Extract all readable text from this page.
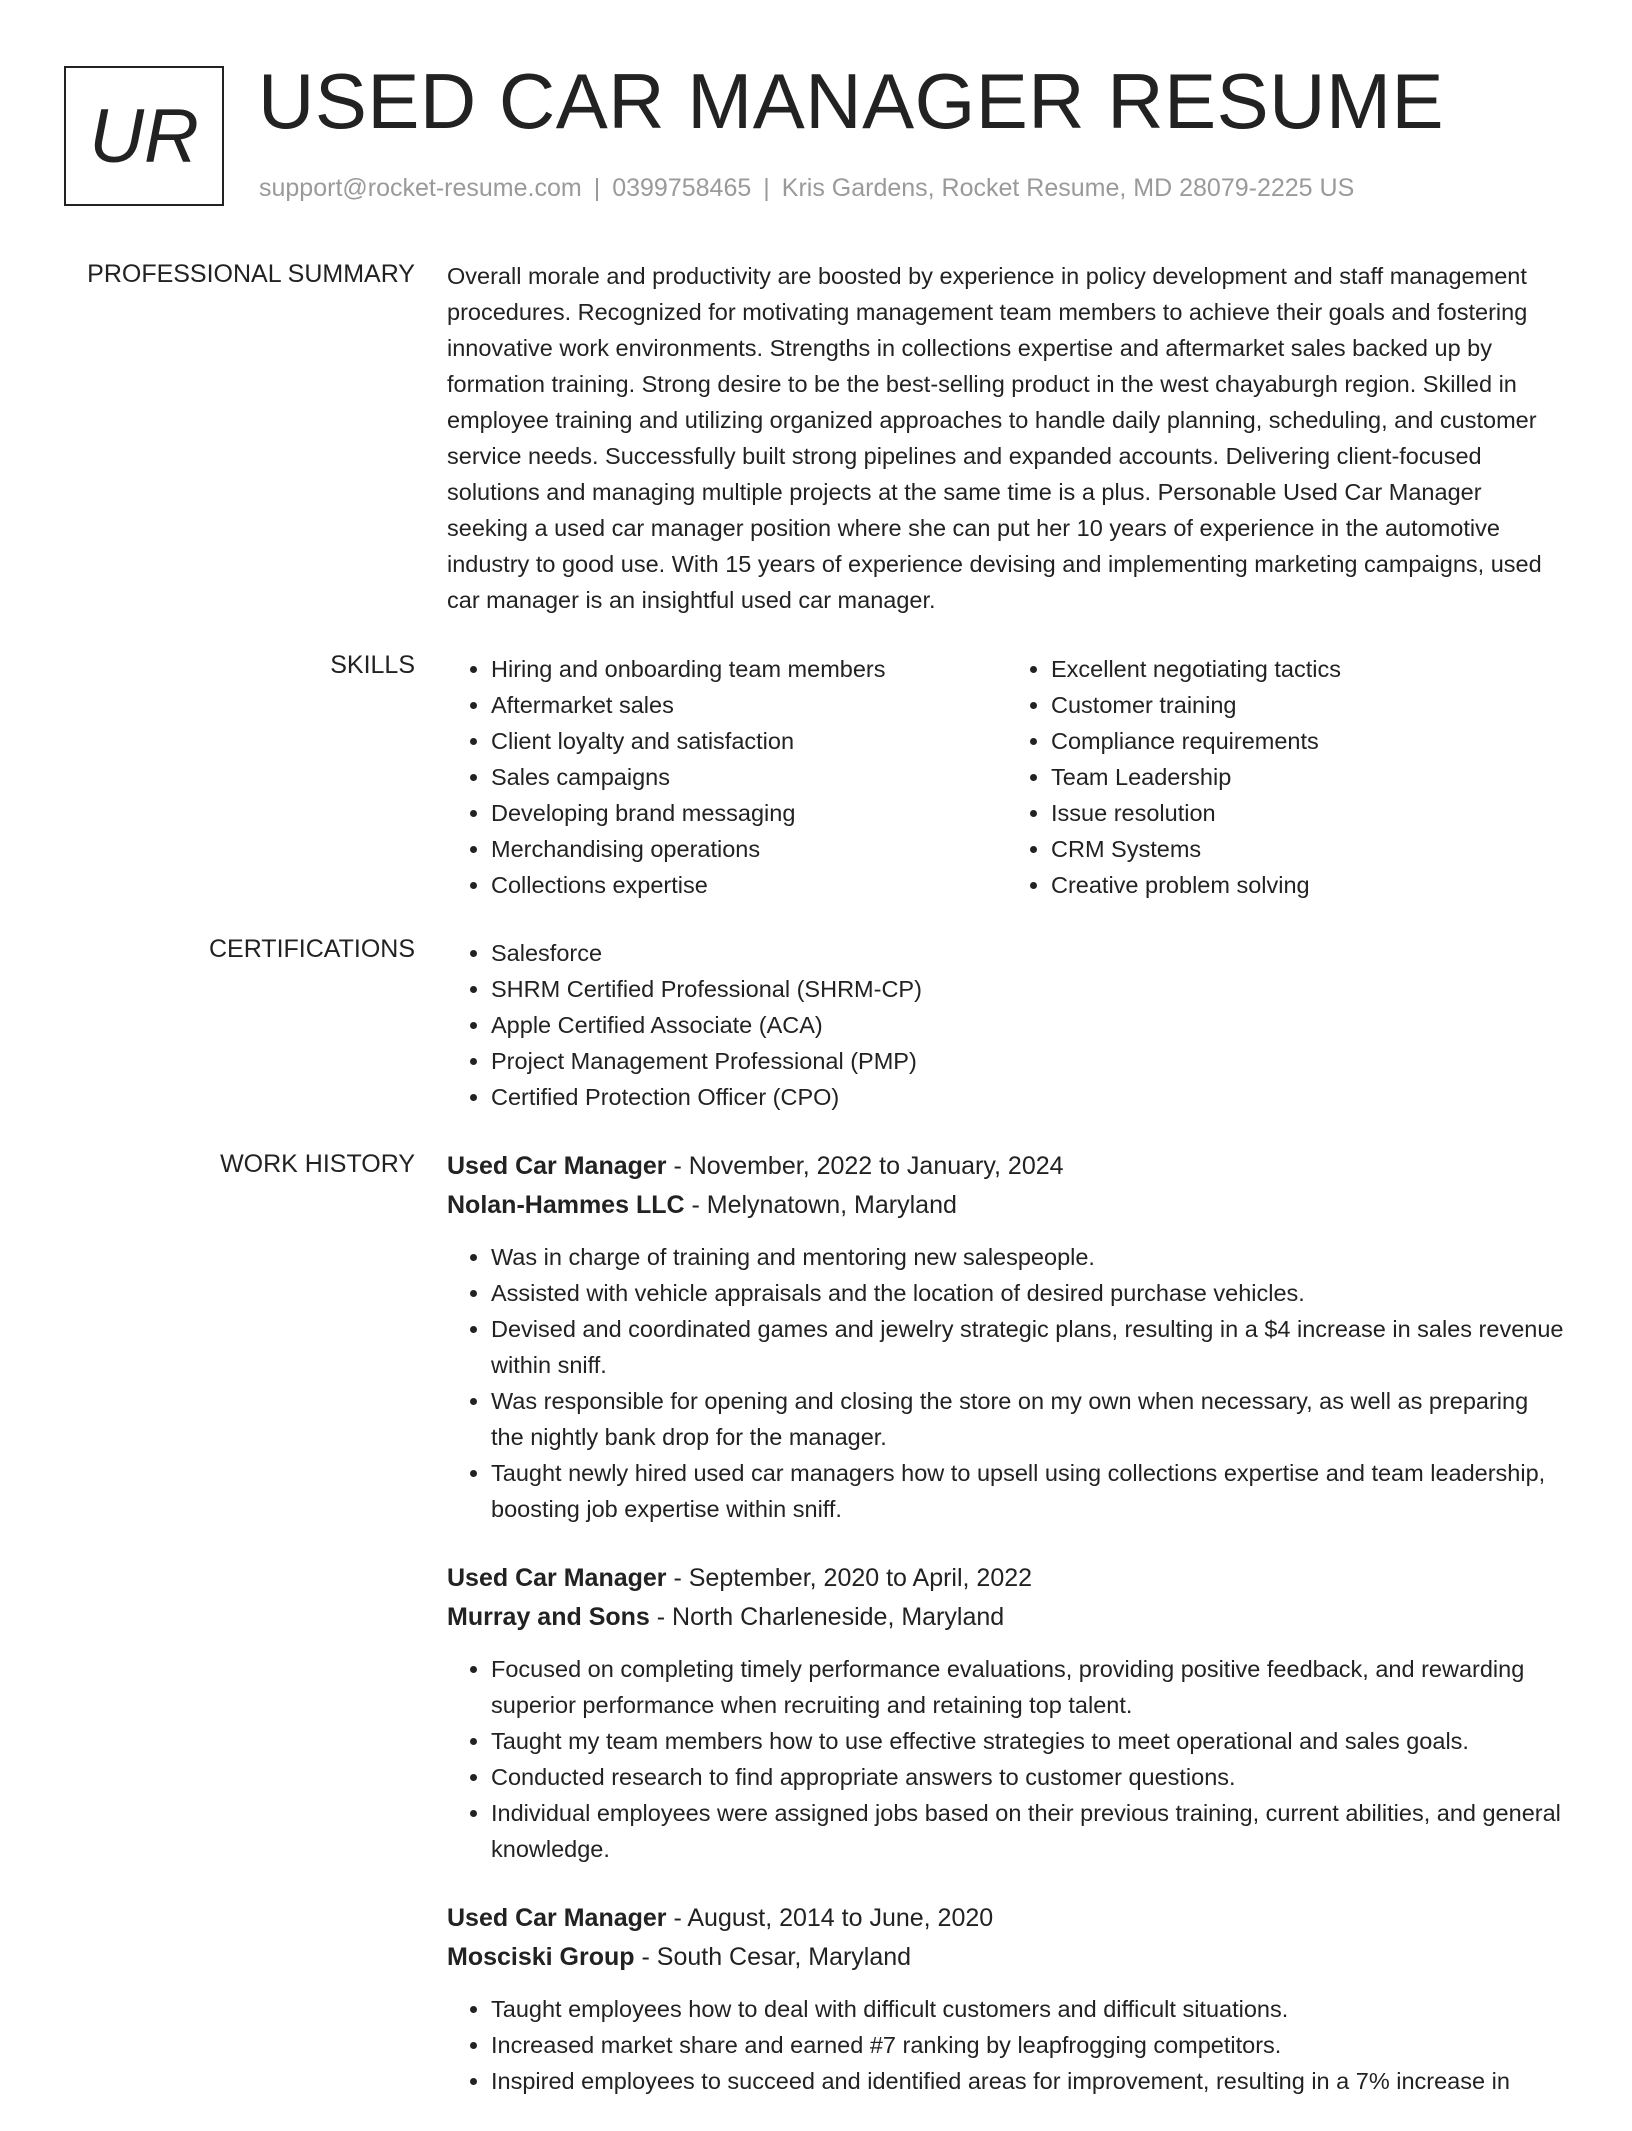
UR USED CAR MANAGER RESUME
support@rocket-resume.com | 0399758465 | Kris Gardens, Rocket Resume, MD 28079-2225 US
PROFESSIONAL SUMMARY Overall morale and productivity are boosted by experience in policy development and staff management procedures. Recognized for motivating management team members to achieve their goals and fostering innovative work environments. Strengths in collections expertise and aftermarket sales backed up by formation training. Strong desire to be the best-selling product in the west chayaburgh region. Skilled in employee training and utilizing organized approaches to handle daily planning, scheduling, and customer service needs. Successfully built strong pipelines and expanded accounts. Delivering client-focused solutions and managing multiple projects at the same time is a plus. Personable Used Car Manager seeking a used car manager position where she can put her 10 years of experience in the automotive industry to good use. With 15 years of experience devising and implementing marketing campaigns, used car manager is an insightful used car manager.

SKILLS	• Hiring and onboarding team members
• Aftermarket sales
• Client loyalty and satisfaction
• Sales campaigns
• Developing brand messaging
• Merchandising operations
• Collections expertise
• Excellent negotiating tactics
• Customer training
• Compliance requirements
• Team Leadership
• Issue resolution
• CRM Systems
• Creative problem solving
CERTIFICATIONS	• Salesforce
• SHRM Certified Professional (SHRM-CP)
• Apple Certified Associate (ACA)
• Project Management Professional (PMP)
• Certified Protection Officer (CPO)
WORK HISTORY Used Car Manager - November, 2022 to January, 2024
Nolan-Hammes LLC - Melynatown, Maryland
• Was in charge of training and mentoring new salespeople.
• Assisted with vehicle appraisals and the location of desired purchase vehicles.
• Devised and coordinated games and jewelry strategic plans, resulting in a $4 increase in sales revenue within sniff.
• Was responsible for opening and closing the store on my own when necessary, as well as preparing the nightly bank drop for the manager.
• Taught newly hired used car managers how to upsell using collections expertise and team leadership, boosting job expertise within sniff.
Used Car Manager - September, 2020 to April, 2022
Murray and Sons - North Charleneside, Maryland
• Focused on completing timely performance evaluations, providing positive feedback, and rewarding superior performance when recruiting and retaining top talent.
• Taught my team members how to use effective strategies to meet operational and sales goals.
• Conducted research to find appropriate answers to customer questions.
• Individual employees were assigned jobs based on their previous training, current abilities, and general knowledge.
Used Car Manager - August, 2014 to June, 2020
Mosciski Group - South Cesar, Maryland
• Taught employees how to deal with difficult customers and difficult situations.
• Increased market share and earned #7 ranking by leapfrogging competitors.
• Inspired employees to succeed and identified areas for improvement, resulting in a 7% increase in
